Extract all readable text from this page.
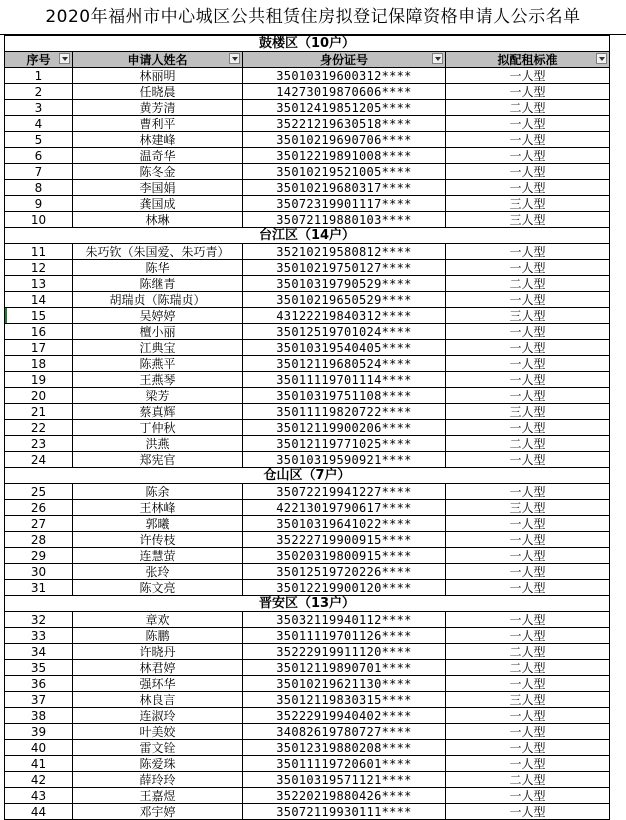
2020年福州市中心城区公共租赁住房拟登记保障资格申请人公示名单
鼓楼区（10户）			
序号	申请人姓名	身份证号	拟配租标准

1	林丽明	35010319600312****	一人型
2	任晓晨	14273019870606****	一人型
3	黄芳清	35012419851205****	二人型
4	曹利平	35221219630518****	一人型
5	林建峰	35010219690706****	一人型
6	温奇华	35012219891008****	一人型
7	陈冬金	35010219521005****	一人型
8	李国娟	35010219680317****	一人型
9	龚国成	35072319901117****	三人型
10	林琳	35072119880103****	三人型
台江区（14户）			
11	朱巧钦（朱国爱、朱巧青）	35210219580812****	一人型
12	陈华	35010219750127****	一人型
13	陈继青	35010319790529****	二人型
14	胡瑞贞（陈瑞贞）	35010219650529****	一人型
15	吴婷婷	43122219840312****	三人型
16	檀小丽	35012519701024****	一人型
17	江典宝	35010319540405****	一人型
18	陈燕平	35012119680524****	一人型
19	王燕琴	35011119701114****	一人型
20	梁芳	35010319751108****	一人型
21	蔡真辉	35011119820722****	三人型
22	丁仲秋	35012119900206****	一人型
23	洪燕	35012119771025****	二人型
24	郑宪官	35010319590921****	一人型
仓山区（7户）			
25	陈余	35072219941227****	一人型
26	王林峰	42213019790617****	三人型
27	郭曦	35010319641022****	一人型
28	许传枝	35222719900915****	一人型
29	连慧萤	35020319800915****	一人型
30	张玲	35012519720226****	一人型
31	陈文亮	35012219900120****	一人型
晋安区（13户）			
32	章欢	35032119940112****	一人型
33	陈鹏	35011119701126****	一人型
34	许晓丹	35222919911120****	二人型
35	林君婷	35012119890701****	二人型
36	强环华	35010219621130****	一人型
37	林良言	35012119830315****	三人型
38	连淑玲	35222919940402****	一人型
39	叶美姣	34082619780727****	一人型
40	雷文铨	35012319880208****	一人型
41	陈爱珠	35011119720601****	一人型
42	薛玲玲	35010319571121****	二人型
43	王嘉煜	35220219880426****	一人型
44	邓宇婷	35072119930111****	一人型
